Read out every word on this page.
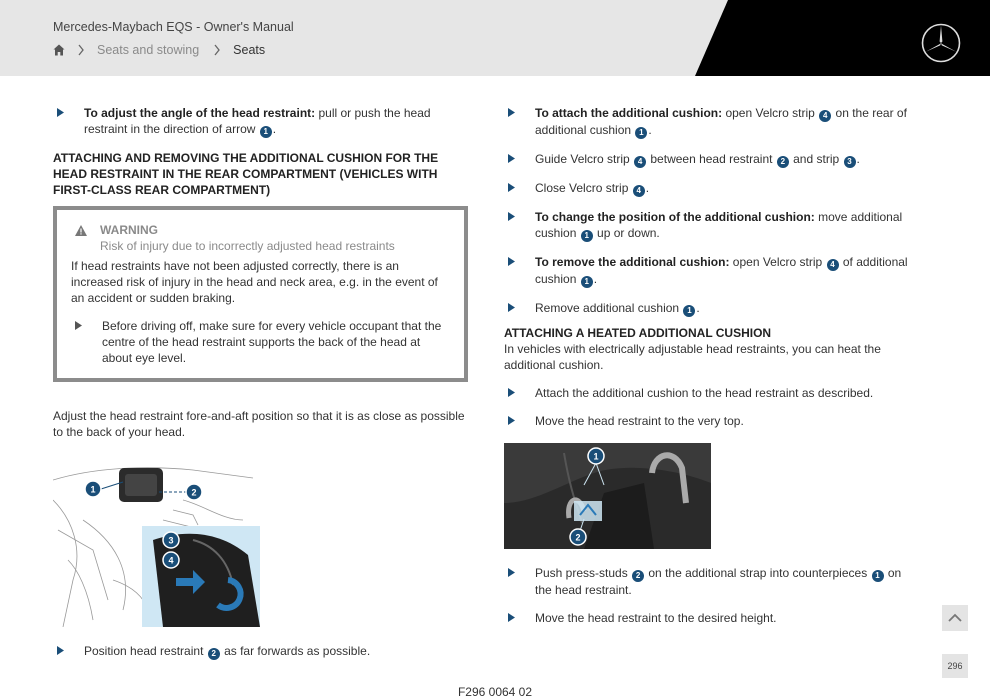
Mercedes-Maybach EQS - Owner's Manual
Seats and stowing	Seats
To adjust the angle of the head restraint: pull or push the head restraint in the direction of arrow 1 .
ATTACHING AND REMOVING THE ADDITIONAL CUSHION FOR THE HEAD RESTRAINT IN THE REAR COMPARTMENT (VEHICLES WITH FIRST-CLASS REAR COMPARTMENT)
WARNING
Risk of injury due to incorrectly adjusted head restraints
If head restraints have not been adjusted correctly, there is an increased risk of injury in the head and neck area, e.g. in the event of an accident or sudden braking.
Before driving off, make sure for every vehicle occupant that the centre of the head restraint supports the back of the head at about eye level.
Adjust the head restraint fore-and-aft position so that it is as close as possible to the back of your head.
1	2
3
4
Position head restraint 2 as far forwards as possible.
To attach the additional cushion: open Velcro strip 4 on the rear of additional cushion 1 .
Guide Velcro strip 4 between head restraint 2 and strip 3 .
Close Velcro strip 4 .
To change the position of the additional cushion: move additional cushion 1 up or down.
To remove the additional cushion: open Velcro strip 4 of additional cushion 1 .
Remove additional cushion 1 .
ATTACHING A HEATED ADDITIONAL CUSHION
In vehicles with electrically adjustable head restraints, you can heat the additional cushion.
Attach the additional cushion to the head restraint as described.
Move the head restraint to the very top.
1
2
Push press-studs 2 on the additional strap into counterpieces 1 on the head restraint.
Move the head restraint to the desired height.
296
F296 0064 02
